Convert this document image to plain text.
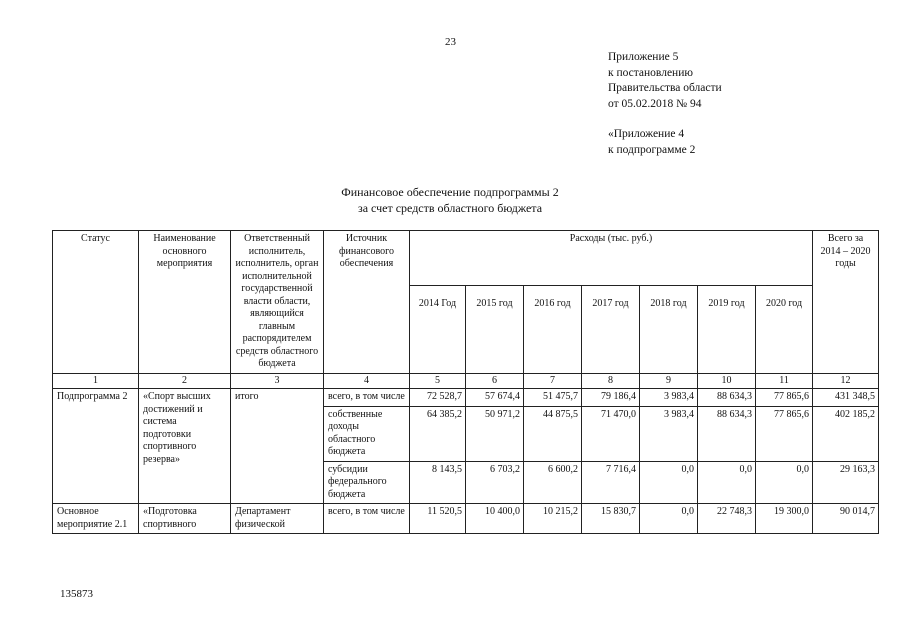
23
Приложение 5
к постановлению
Правительства области
от 05.02.2018 № 94
«Приложение 4
к подпрограмме 2
Финансовое обеспечение подпрограммы 2
за счет средств областного бюджета
Статус	Наименование основного мероприятия	Ответственный исполнитель, исполнитель, орган исполнительной государственной власти области, являющийся главным распорядителем средств областного бюджета	Источник финансового обеспечения	Расходы (тыс. руб.)							Всего за 2014 – 2020 годы
				2014 Год	2015 год	2016 год	2017 год	2018 год	2019 год	2020 год	
1	2	3	4	5	6	7	8	9	10	11	12
Подпрограмма 2	«Спорт высших достижений и система подготовки спортивного резерва»	итого	всего, в том числе	72 528,7	57 674,4	51 475,7	79 186,4	3 983,4	88 634,3	77 865,6	431 348,5
			собственные доходы областного бюджета	64 385,2	50 971,2	44 875,5	71 470,0	3 983,4	88 634,3	77 865,6	402 185,2
			субсидии федерального бюджета	8 143,5	6 703,2	6 600,2	7 716,4	0,0	0,0	0,0	29 163,3
Основное мероприятие 2.1	«Подготовка спортивного	Департамент физической	всего, в том числе	11 520,5	10 400,0	10 215,2	15 830,7	0,0	22 748,3	19 300,0	90 014,7
135873
